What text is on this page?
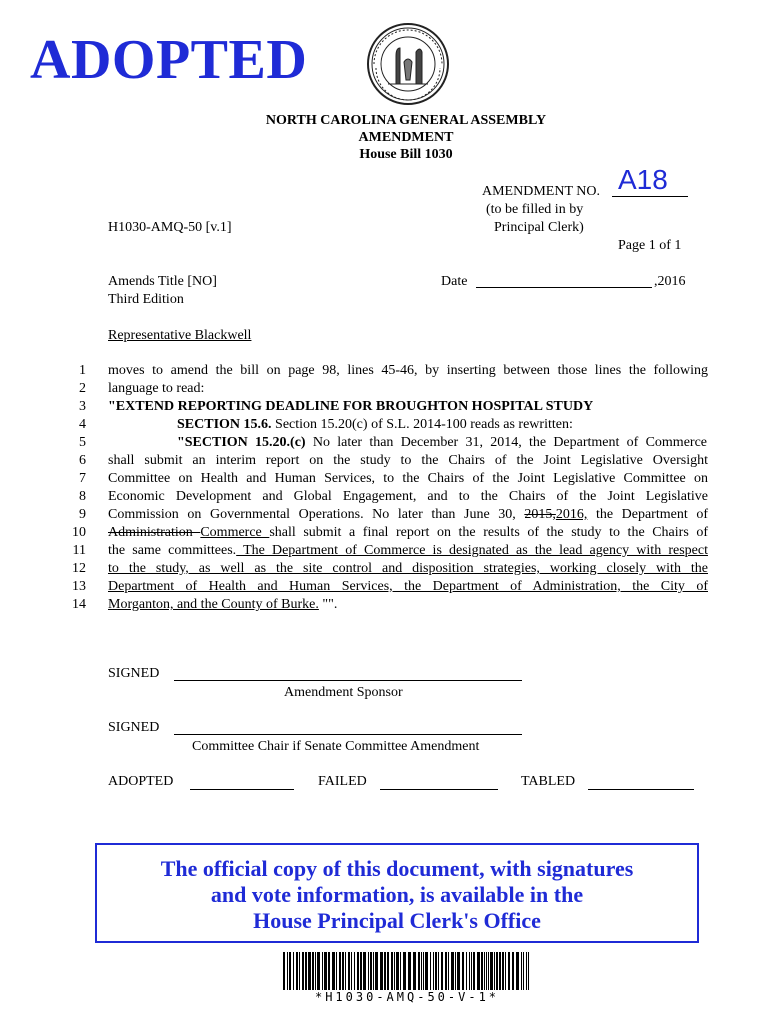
ADOPTED
NORTH CAROLINA GENERAL ASSEMBLY
AMENDMENT
House Bill 1030
AMENDMENT NO. A18
(to be filled in by
Principal Clerk)
H1030-AMQ-50 [v.1]
Page 1 of 1
Amends Title [NO]
Third Edition
Date	,2016
Representative Blackwell
1
2
3
4
5
6
7
8
9
10
11
12
13
14
moves to amend the bill on page 98, lines 45-46, by inserting between those lines the following
language to read:
"EXTEND REPORTING DEADLINE FOR BROUGHTON HOSPITAL STUDY
SECTION 15.6. Section 15.20(c) of S.L. 2014-100 reads as rewritten:
"SECTION 15.20.(c) No later than December 31, 2014, the Department of Commerce
shall submit an interim report on the study to the Chairs of the Joint Legislative Oversight
Committee on Health and Human Services, to the Chairs of the Joint Legislative Committee on
Economic Development and Global Engagement, and to the Chairs of the Joint Legislative
Commission on Governmental Operations. No later than June 30, 2015,2016, the Department of
Administration Commerce shall submit a final report on the results of the study to the Chairs of
the same committees. The Department of Commerce is designated as the lead agency with respect
to the study, as well as the site control and disposition strategies, working closely with the
Department of Health and Human Services, the Department of Administration, the City of
Morganton, and the County of Burke. "".
SIGNED
Amendment Sponsor
SIGNED
Committee Chair if Senate Committee Amendment
ADOPTED	FAILED	TABLED
The official copy of this document, with signatures
and vote information, is available in the
House Principal Clerk's Office
*H1030-AMQ-50-V-1*
